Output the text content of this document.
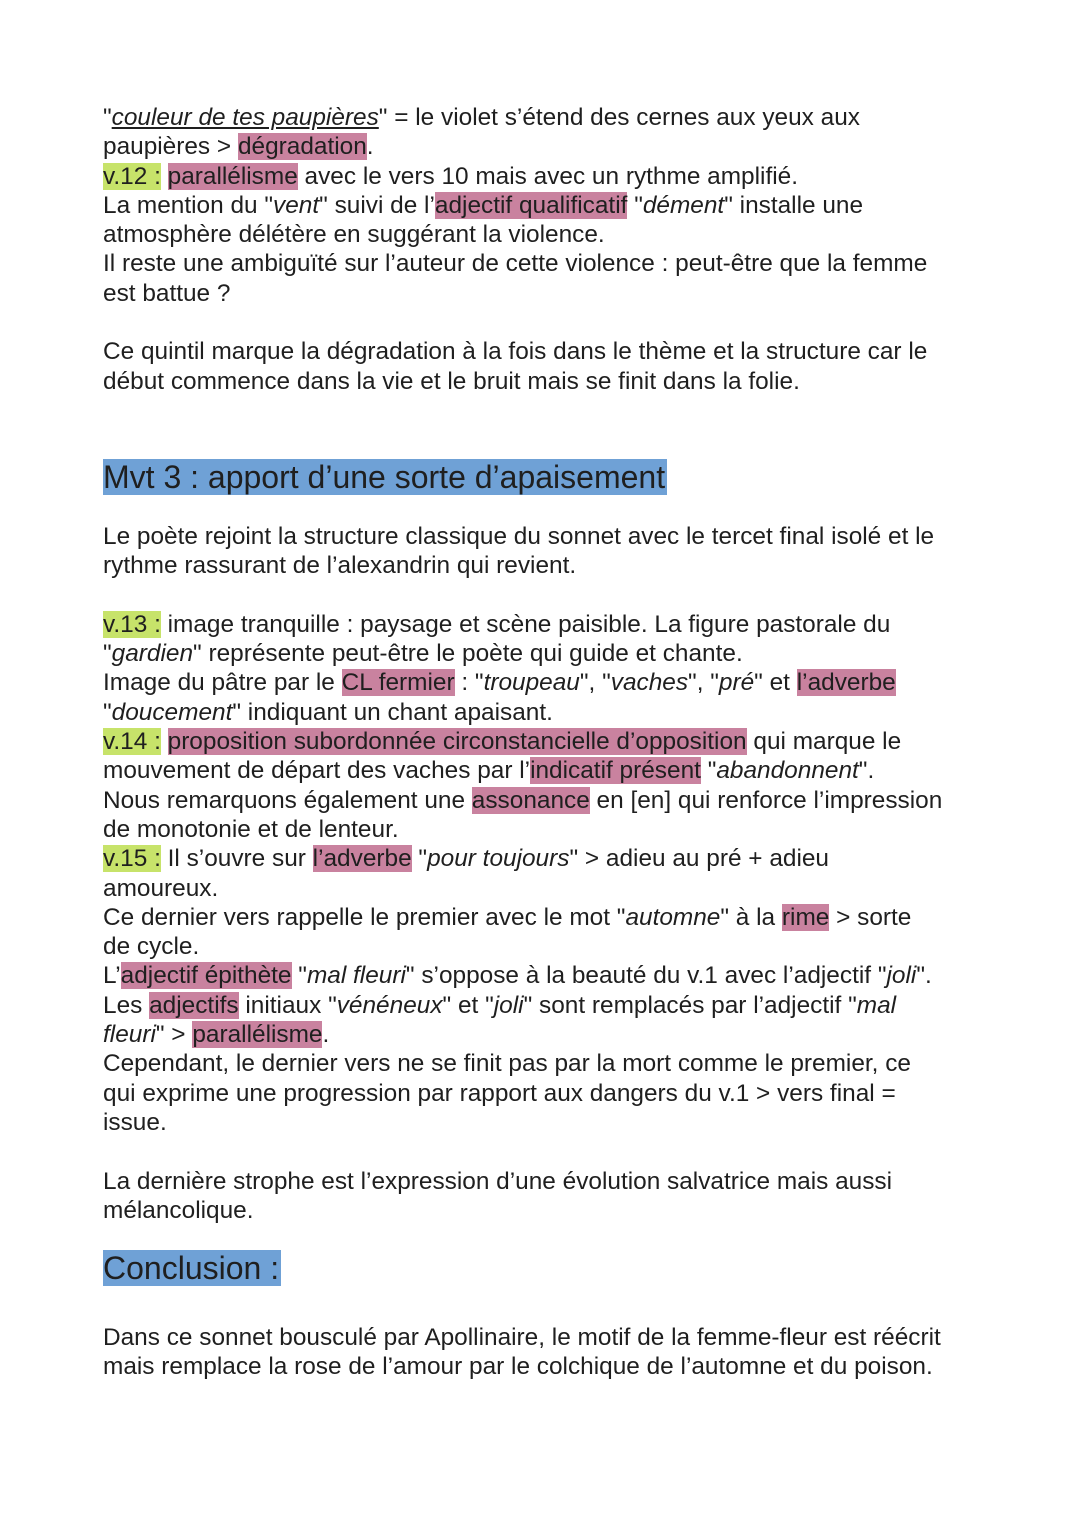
"couleur de tes paupières" = le violet s’étend des cernes aux yeux aux
paupières > dégradation.
v.12 : parallélisme avec le vers 10 mais avec un rythme amplifié.
La mention du "vent" suivi de l’adjectif qualificatif "dément" installe une
atmosphère délétère en suggérant la violence.
Il reste une ambiguïté sur l’auteur de cette violence : peut-être que la femme
est battue ?
Ce quintil marque la dégradation à la fois dans le thème et la structure car le
début commence dans la vie et le bruit mais se finit dans la folie.
Mvt 3 : apport d’une sorte d’apaisement
Le poète rejoint la structure classique du sonnet avec le tercet final isolé et le
rythme rassurant de l’alexandrin qui revient.
v.13 : image tranquille : paysage et scène paisible. La figure pastorale du
"gardien" représente peut-être le poète qui guide et chante.
Image du pâtre par le CL fermier : "troupeau", "vaches", "pré" et l’adverbe
"doucement" indiquant un chant apaisant.
v.14 : proposition subordonnée circonstancielle d’opposition qui marque le
mouvement de départ des vaches par l’indicatif présent "abandonnent".
Nous remarquons également une assonance en [en] qui renforce l’impression
de monotonie et de lenteur.
v.15 : Il s’ouvre sur l’adverbe "pour toujours" > adieu au pré + adieu
amoureux.
Ce dernier vers rappelle le premier avec le mot "automne" à la rime > sorte
de cycle.
L’adjectif épithète "mal fleuri" s’oppose à la beauté du v.1 avec l’adjectif "joli".
Les adjectifs initiaux "vénéneux" et "joli" sont remplacés par l’adjectif "mal
fleuri" > parallélisme.
Cependant, le dernier vers ne se finit pas par la mort comme le premier, ce
qui exprime une progression par rapport aux dangers du v.1 > vers final =
issue.
La dernière strophe est l’expression d’une évolution salvatrice mais aussi
mélancolique.
Conclusion :
Dans ce sonnet bousculé par Apollinaire, le motif de la femme-fleur est réécrit
mais remplace la rose de l’amour par le colchique de l’automne et du poison.
